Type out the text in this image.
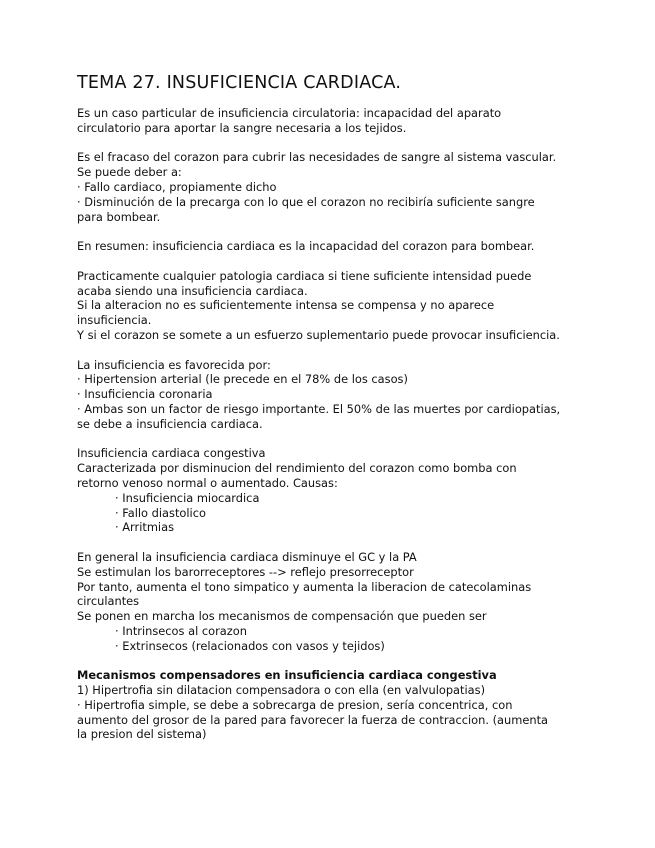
TEMA 27. INSUFICIENCIA CARDIACA.
Es un caso particular de insuficiencia circulatoria: incapacidad del aparato
circulatorio para aportar la sangre necesaria a los tejidos.
Es el fracaso del corazon para cubrir las necesidades de sangre al sistema vascular.
Se puede deber a:
· Fallo cardiaco, propiamente dicho
· Disminución de la precarga con lo que el corazon no recibiría suficiente sangre
para bombear.
En resumen: insuficiencia cardiaca es la incapacidad del corazon para bombear.
Practicamente cualquier patologia cardiaca si tiene suficiente intensidad puede
acaba siendo una insuficiencia cardiaca.
Si la alteracion no es suficientemente intensa se compensa y no aparece
insuficiencia.
Y si el corazon se somete a un esfuerzo suplementario puede provocar insuficiencia.
La insuficiencia es favorecida por:
· Hipertension arterial (le precede en el 78% de los casos)
· Insuficiencia coronaria
· Ambas son un factor de riesgo importante. El 50% de las muertes por cardiopatias,
se debe a insuficiencia cardiaca.
Insuficiencia cardiaca congestiva
Caracterizada por disminucion del rendimiento del corazon como bomba con
retorno venoso normal o aumentado. Causas:
· Insuficiencia miocardica
· Fallo diastolico
· Arritmias
En general la insuficiencia cardiaca disminuye el GC y la PA
Se estimulan los barorreceptores --> reflejo presorreceptor
Por tanto, aumenta el tono simpatico y aumenta la liberacion de catecolaminas
circulantes
Se ponen en marcha los mecanismos de compensación que pueden ser
· Intrinsecos al corazon
· Extrinsecos (relacionados con vasos y tejidos)
Mecanismos compensadores en insuficiencia cardiaca congestiva
1) Hipertrofia sin dilatacion compensadora o con ella (en valvulopatias)
· Hipertrofia simple, se debe a sobrecarga de presion, sería concentrica, con
aumento del grosor de la pared para favorecer la fuerza de contraccion. (aumenta
la presion del sistema)
